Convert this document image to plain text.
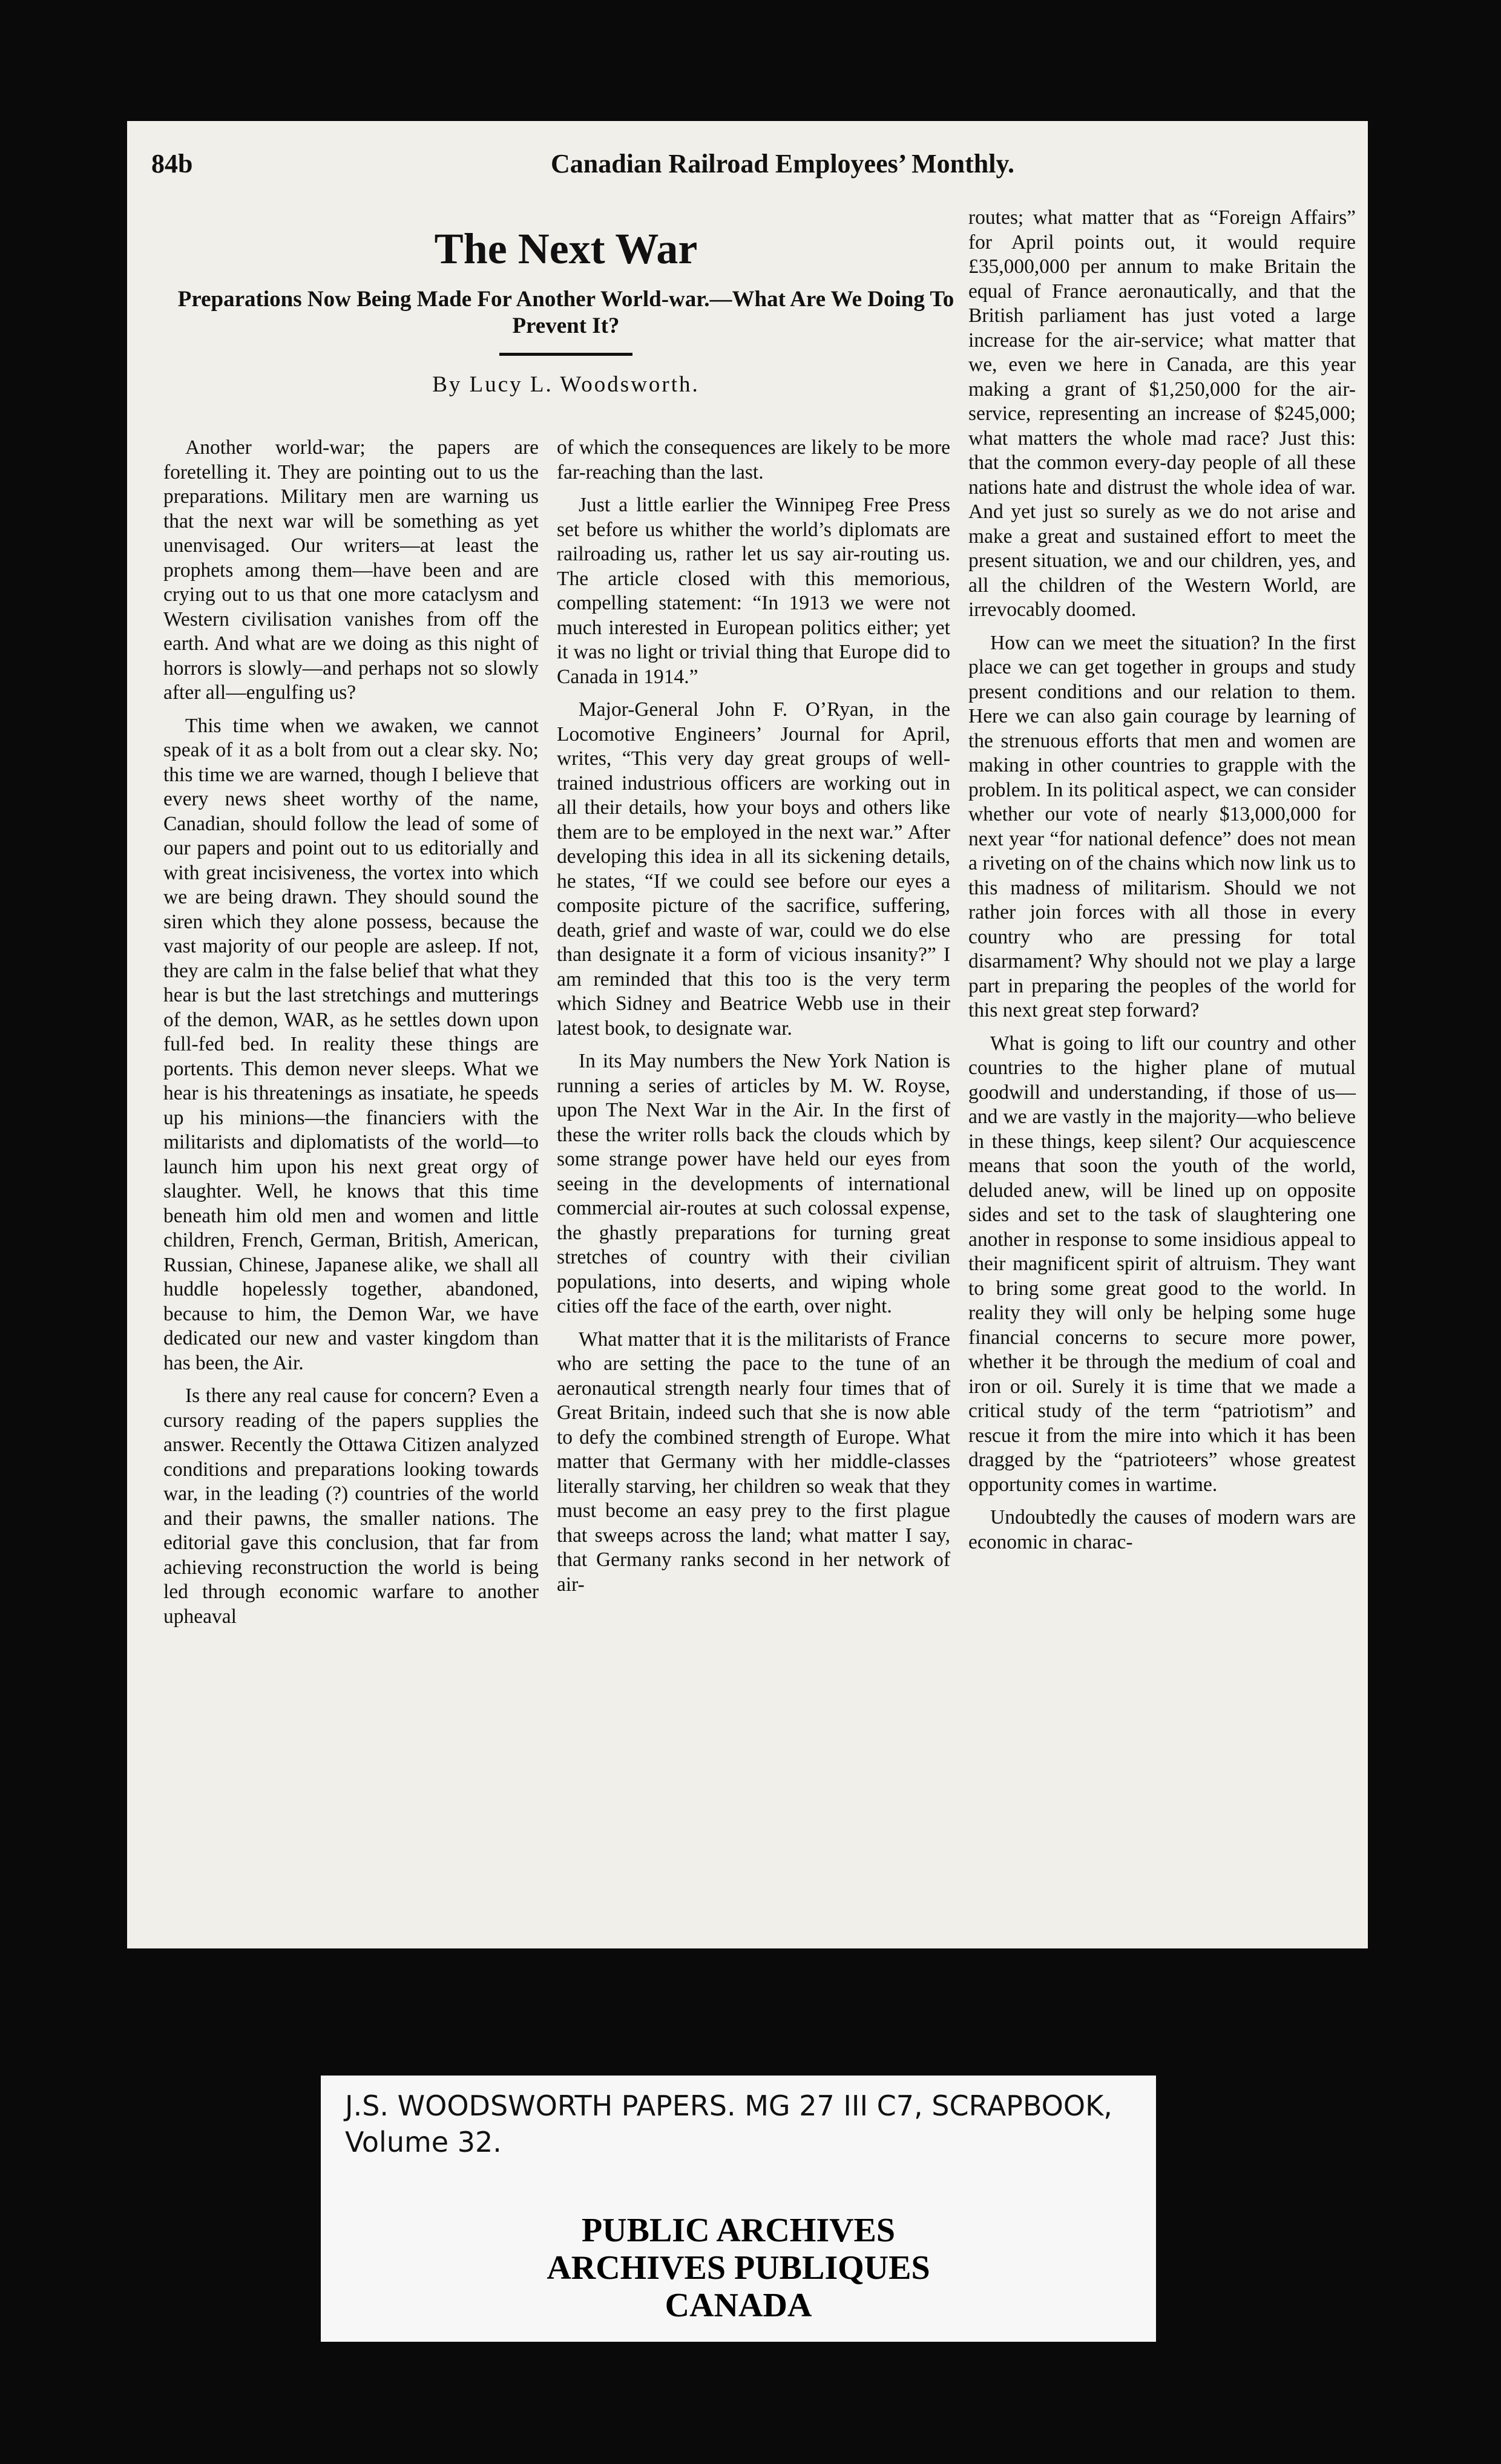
84b	Canadian Railroad Employees’ Monthly.
The Next War
Preparations Now Being Made For Another World-war.—What Are We Doing To Prevent It?
By Lucy L. Woodsworth.

Another world-war; the papers are foretelling it. They are pointing out to us the preparations. Military men are warning us that the next war will be something as yet unenvisaged. Our writers—at least the prophets among them—have been and are crying out to us that one more cataclysm and Western civilisation vanishes from off the earth. And what are we doing as this night of horrors is slowly—and perhaps not so slowly after all—engulfing us?

This time when we awaken, we cannot speak of it as a bolt from out a clear sky. No; this time we are warned, though I believe that every news sheet worthy of the name, Canadian, should follow the lead of some of our papers and point out to us editorially and with great incisiveness, the vortex into which we are being drawn. They should sound the siren which they alone possess, because the vast majority of our people are asleep. If not, they are calm in the false belief that what they hear is but the last stretchings and mutterings of the demon, WAR, as he settles down upon full-fed bed. In reality these things are portents. This demon never sleeps. What we hear is his threatenings as insatiate, he speeds up his minions—the financiers with the militarists and diplomatists of the world—to launch him upon his next great orgy of slaughter. Well, he knows that this time beneath him old men and women and little children, French, German, British, American, Russian, Chinese, Japanese alike, we shall all huddle hopelessly together, abandoned, because to him, the Demon War, we have dedicated our new and vaster kingdom than has been, the Air.

Is there any real cause for concern? Even a cursory reading of the papers supplies the answer. Recently the Ottawa Citizen analyzed conditions and preparations looking towards war, in the leading (?) countries of the world and their pawns, the smaller nations. The editorial gave this conclusion, that far from achieving reconstruction the world is being led through economic warfare to another upheaval

of which the consequences are likely to be more far-reaching than the last.

Just a little earlier the Winnipeg Free Press set before us whither the world’s diplomats are railroading us, rather let us say air-routing us. The article closed with this memorious, compelling statement: “In 1913 we were not much interested in European politics either; yet it was no light or trivial thing that Europe did to Canada in 1914.”

Major-General John F. O’Ryan, in the Locomotive Engineers’ Journal for April, writes, “This very day great groups of well-trained industrious officers are working out in all their details, how your boys and others like them are to be employed in the next war.” After developing this idea in all its sickening details, he states, “If we could see before our eyes a composite picture of the sacrifice, suffering, death, grief and waste of war, could we do else than designate it a form of vicious insanity?” I am reminded that this too is the very term which Sidney and Beatrice Webb use in their latest book, to designate war.

In its May numbers the New York Nation is running a series of articles by M. W. Royse, upon The Next War in the Air. In the first of these the writer rolls back the clouds which by some strange power have held our eyes from seeing in the developments of international commercial air-routes at such colossal expense, the ghastly preparations for turning great stretches of country with their civilian populations, into deserts, and wiping whole cities off the face of the earth, over night.

What matter that it is the militarists of France who are setting the pace to the tune of an aeronautical strength nearly four times that of Great Britain, indeed such that she is now able to defy the combined strength of Europe. What matter that Germany with her middle-classes literally starving, her children so weak that they must become an easy prey to the first plague that sweeps across the land; what matter I say, that Germany ranks second in her network of air-

routes; what matter that as “Foreign Affairs” for April points out, it would require £35,000,000 per annum to make Britain the equal of France aeronautically, and that the British parliament has just voted a large increase for the air-service; what matter that we, even we here in Canada, are this year making a grant of $1,250,000 for the air-service, representing an increase of $245,000; what matters the whole mad race? Just this: that the common every-day people of all these nations hate and distrust the whole idea of war. And yet just so surely as we do not arise and make a great and sustained effort to meet the present situation, we and our children, yes, and all the children of the Western World, are irrevocably doomed.

How can we meet the situation? In the first place we can get together in groups and study present conditions and our relation to them. Here we can also gain courage by learning of the strenuous efforts that men and women are making in other countries to grapple with the problem. In its political aspect, we can consider whether our vote of nearly $13,000,000 for next year “for national defence” does not mean a riveting on of the chains which now link us to this madness of militarism. Should we not rather join forces with all those in every country who are pressing for total disarmament? Why should not we play a large part in preparing the peoples of the world for this next great step forward?

What is going to lift our country and other countries to the higher plane of mutual goodwill and understanding, if those of us—and we are vastly in the majority—who believe in these things, keep silent? Our acquiescence means that soon the youth of the world, deluded anew, will be lined up on opposite sides and set to the task of slaughtering one another in response to some insidious appeal to their magnificent spirit of altruism. They want to bring some great good to the world. In reality they will only be helping some huge financial concerns to secure more power, whether it be through the medium of coal and iron or oil. Surely it is time that we made a critical study of the term “patriotism” and rescue it from the mire into which it has been dragged by the “patrioteers” whose greatest opportunity comes in wartime.

Undoubtedly the causes of modern wars are economic in charac-

J.S. WOODSWORTH PAPERS. MG 27 III C7, SCRAPBOOK, Volume 32.
PUBLIC ARCHIVES
ARCHIVES PUBLIQUES
CANADA
